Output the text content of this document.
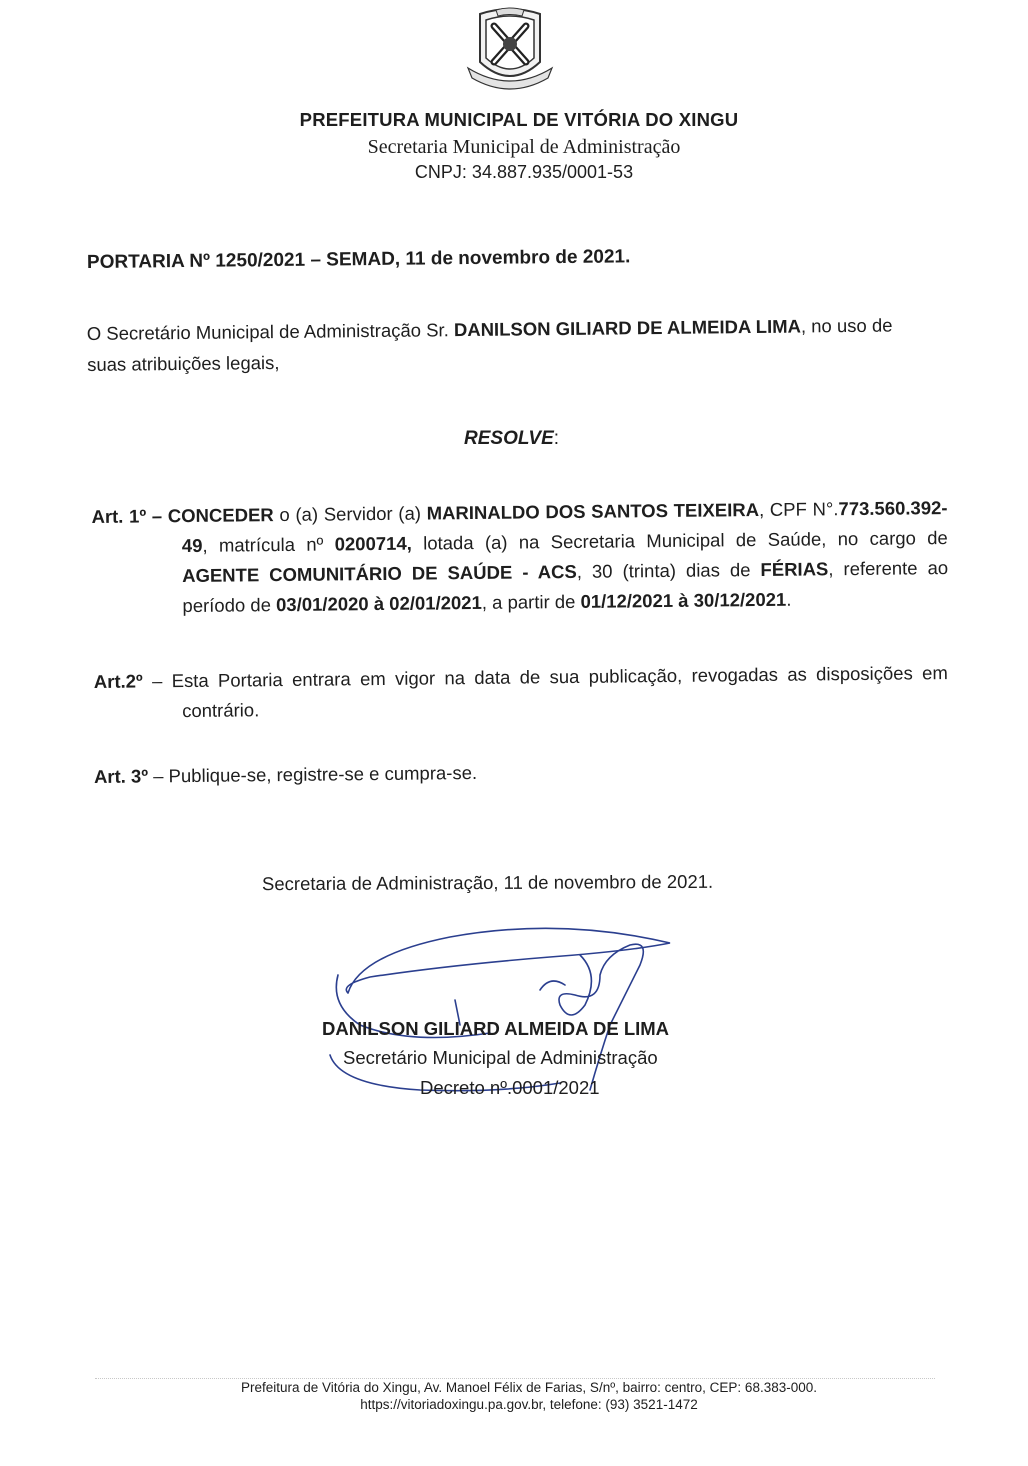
PREFEITURA MUNICIPAL DE VITÓRIA DO XINGU
Secretaria Municipal de Administração
CNPJ: 34.887.935/0001-53
PORTARIA Nº 1250/2021 – SEMAD, 11 de novembro de 2021.
O Secretário Municipal de Administração Sr. DANILSON GILIARD DE ALMEIDA LIMA, no uso de suas atribuições legais,
RESOLVE:
Art. 1º – CONCEDER o (a) Servidor (a) MARINALDO DOS SANTOS TEIXEIRA, CPF N°.773.560.392-49, matrícula nº 0200714, lotada (a) na Secretaria Municipal de Saúde, no cargo de AGENTE COMUNITÁRIO DE SAÚDE - ACS, 30 (trinta) dias de FÉRIAS, referente ao período de 03/01/2020 à 02/01/2021, a partir de 01/12/2021 à 30/12/2021.
Art.2º – Esta Portaria entrara em vigor na data de sua publicação, revogadas as disposições em contrário.
Art. 3º – Publique-se, registre-se e cumpra-se.
Secretaria de Administração, 11 de novembro de 2021.
DANILSON GILIARD ALMEIDA DE LIMA
Secretário Municipal de Administração
Decreto nº.0001/2021
Prefeitura de Vitória do Xingu, Av. Manoel Félix de Farias, S/nº, bairro: centro, CEP: 68.383-000.
https://vitoriadoxingu.pa.gov.br, telefone: (93) 3521-1472
